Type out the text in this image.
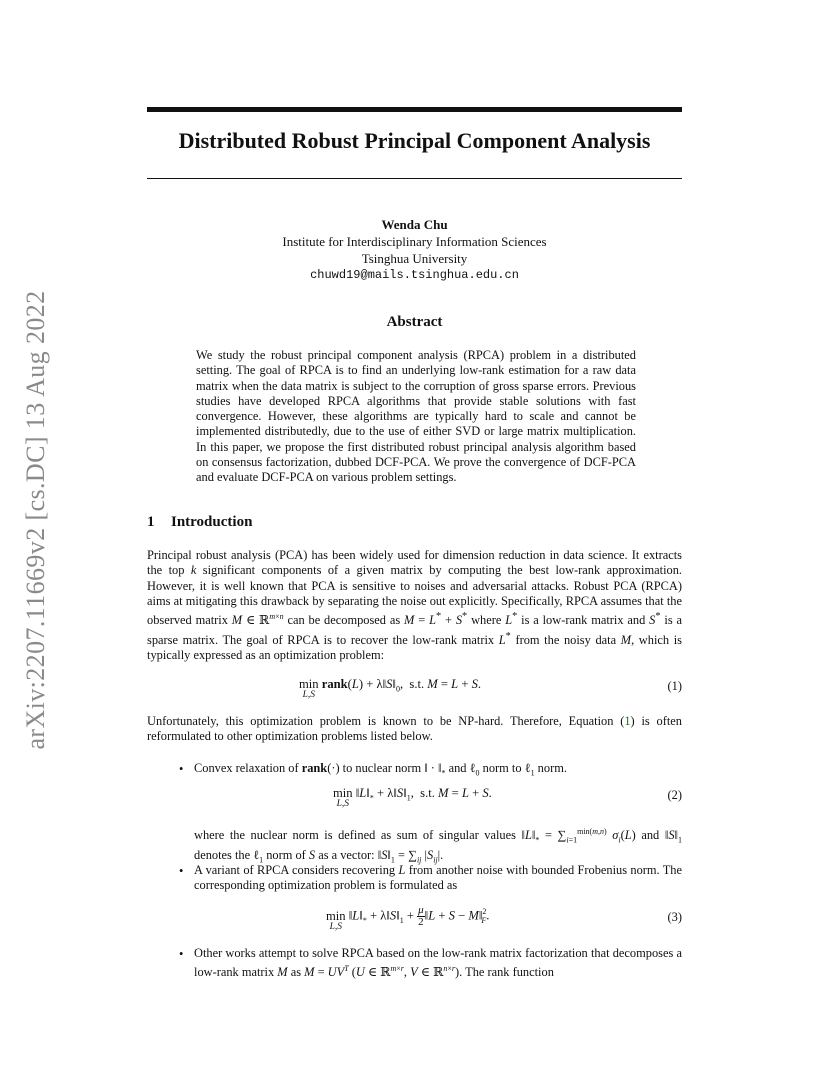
arXiv:2207.11669v2 [cs.DC] 13 Aug 2022
Distributed Robust Principal Component Analysis
Wenda Chu
Institute for Interdisciplinary Information Sciences
Tsinghua University
chuwd19@mails.tsinghua.edu.cn
Abstract
We study the robust principal component analysis (RPCA) problem in a distributed setting. The goal of RPCA is to find an underlying low-rank estimation for a raw data matrix when the data matrix is subject to the corruption of gross sparse errors. Previous studies have developed RPCA algorithms that provide stable solutions with fast convergence. However, these algorithms are typically hard to scale and cannot be implemented distributedly, due to the use of either SVD or large matrix multiplication. In this paper, we propose the first distributed robust principal analysis algorithm based on consensus factorization, dubbed DCF-PCA. We prove the convergence of DCF-PCA and evaluate DCF-PCA on various problem settings.
1 Introduction
Principal robust analysis (PCA) has been widely used for dimension reduction in data science. It extracts the top k significant components of a given matrix by computing the best low-rank approximation. However, it is well known that PCA is sensitive to noises and adversarial attacks. Robust PCA (RPCA) aims at mitigating this drawback by separating the noise out explicitly. Specifically, RPCA assumes that the observed matrix M ∈ ℝ$^{m\times n}$ can be decomposed as M = L* + S* where L* is a low-rank matrix and S* is a sparse matrix. The goal of RPCA is to recover the low-rank matrix L* from the noisy data M, which is typically expressed as an optimization problem:
min
L,S
rank(L) + $\lambda‖S‖_0$,  s.t. M = L + S.	(1)
Unfortunately, this optimization problem is known to be NP-hard. Therefore, Equation (1) is often reformulated to other optimization problems listed below.
• Convex relaxation of rank(·) to nuclear norm ‖ · $‖_*$ and ℓ$_0$ norm to ℓ$_1$ norm.
min
L,S
$‖L‖_*$ + $\lambda‖S‖_1$,  s.t. M = L + S.	(2)
where the nuclear norm is defined as sum of singular values $‖L‖_* = \sum_{i=1}^{min(m,n)}$ $\sigma_i(L)$ and $‖S‖_1$ denotes the ℓ$_1$ norm of S as a vector: $‖S‖_1 = \sum_{ij}$ $|S_{ij}|$.
• A variant of RPCA considers recovering L from another noise with bounded Frobenius norm. The corresponding optimization problem is formulated as
min
L,S
$‖L‖_*$ + $\lambda‖S‖_1 + \frac{\mu}{2}$ ‖L + S − M‖$^2_F$.	(3)
• Other works attempt to solve RPCA based on the low-rank matrix factorization that decomposes a low-rank matrix M as $M = UV^T$ (U ∈ ℝ$^{m\times r}$, V ∈ ℝ$^{n\times r}$). The rank function
